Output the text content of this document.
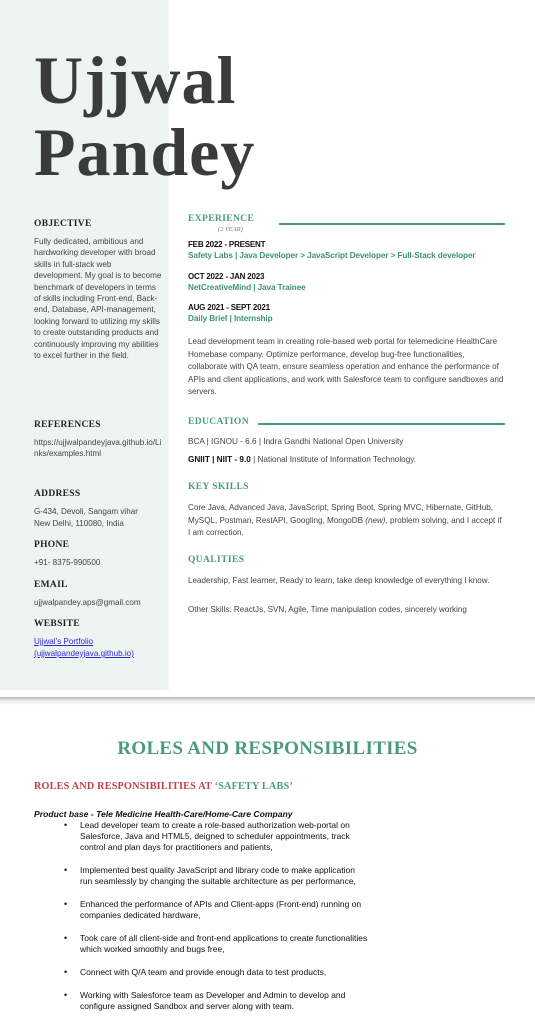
Ujjwal
Pandey
OBJECTIVE
Fully dedicated, ambitious and hardworking developer with broad skills in full-stack web development. My goal is to become benchmark of developers in terms of skills including Front-end, Back-end, Database, API-management, looking forward to utilizing my skills to create outstanding products and continuously improving my abilities to excel further in the field.
REFERENCES
https://ujjwalpandeyjava.github.io/Links/examples.html
ADDRESS
G-434, Devoli, Sangam vihar
New Delhi, 110080, India
PHONE
+91- 8375-990500
EMAIL
ujjwalpandey.aps@gmail.com
WEBSITE
Ujjwal's Portfolio
(ujjwalpandeyjava.github.io)
EXPERIENCE
(2 YEAR)
FEB 2022 - PRESENT
Safety Labs | Java Developer > JavaScript Developer > Full-Stack developer
OCT 2022 - JAN 2023
NetCreativeMind | Java Trainee
AUG 2021 - SEPT 2021
Daily Brief | Internship
Lead development team in creating role-based web portal for telemedicine HealthCare Homebase company. Optimize performance, develop bug-free functionalities, collaborate with QA team, ensure seamless operation and enhance the performance of APIs and client applications, and work with Salesforce team to configure sandboxes and servers.
EDUCATION
BCA | IGNOU - 6.6 | Indra Gandhi National Open University
GNIIT | NIIT - 9.0 | National Institute of Information Technology.
KEY SKILLS
Core Java, Advanced Java, JavaScript, Spring Boot, Spring MVC, Hibernate, GitHub, MySQL, Postman, RestAPI, Googling, MongoDB (new), problem solving, and I accept if I am correction.
QUALITIES
Leadership, Fast learner, Ready to learn, take deep knowledge of everything I know.
Other Skills: ReactJs, SVN, Agile, Time manipulation codes, sincerely working
ROLES AND RESPONSIBILITIES
ROLES AND RESPONSIBILITIES AT ‘SAFETY LABS’
Product base - Tele Medicine Health-Care/Home-Care Company
• Lead developer team to create a role-based authorization web-portal on
Salesforce, Java and HTML5, deigned to scheduler appointments, track
control and plan days for practitioners and patients,
• Implemented best quality JavaScript and library code to make application
run seamlessly by changing the suitable architecture as per performance,
• Enhanced the performance of APIs and Client-apps (Front-end) running on
companies dedicated hardware,
• Took care of all client-side and front-end applications to create functionalities
which worked smoothly and bugs free,
• Connect with Q/A team and provide enough data to test products,
• Working with Salesforce team as Developer and Admin to develop and
configure assigned Sandbox and server along with team.
